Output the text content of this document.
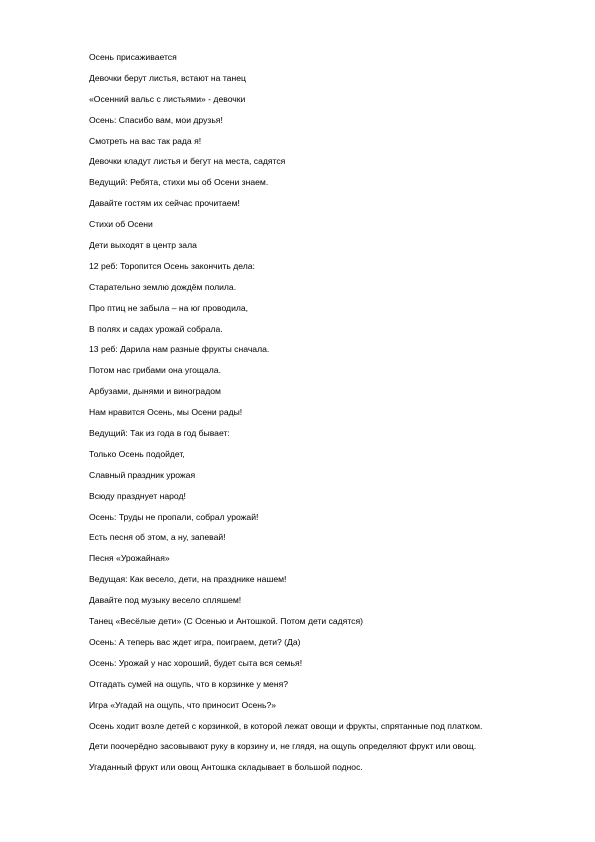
Осень присаживается
Девочки берут листья, встают на танец
«Осенний вальс с листьями» - девочки
Осень: Спасибо вам, мои друзья!
Смотреть на вас так рада я!
Девочки кладут листья и бегут на места, садятся
Ведущий: Ребята, стихи мы об Осени знаем.
Давайте гостям их сейчас прочитаем!
Стихи об Осени
Дети выходят в центр зала
12 реб: Торопится Осень закончить дела:
Старательно землю дождём полила.
Про птиц не забыла – на юг проводила,
В полях и садах урожай собрала.
13 реб: Дарила нам разные фрукты сначала.
Потом нас грибами она угощала.
Арбузами, дынями и виноградом
Нам нравится Осень, мы Осени рады!
Ведущий: Так из года в год бывает:
Только Осень подойдет,
Славный праздник урожая
Всюду празднует народ!
Осень: Труды не пропали, собрал урожай!
Есть песня об этом, а ну, запевай!
Песня «Урожайная»
Ведущая: Как весело, дети, на празднике нашем!
Давайте под музыку весело спляшем!
Танец «Весёлые дети» (С Осенью и Антошкой. Потом дети садятся)
Осень: А теперь вас ждет игра, поиграем, дети? (Да)
Осень: Урожай у нас хороший, будет сыта вся семья!
Отгадать сумей на ощупь, что в корзинке у меня?
Игра «Угадай на ощупь, что приносит Осень?»
Осень ходит возле детей с корзинкой, в которой лежат овощи и фрукты, спрятанные под платком.
Дети поочерёдно засовывают руку в корзину и, не глядя, на ощупь определяют фрукт или овощ.
Угаданный фрукт или овощ Антошка складывает в большой поднос.
